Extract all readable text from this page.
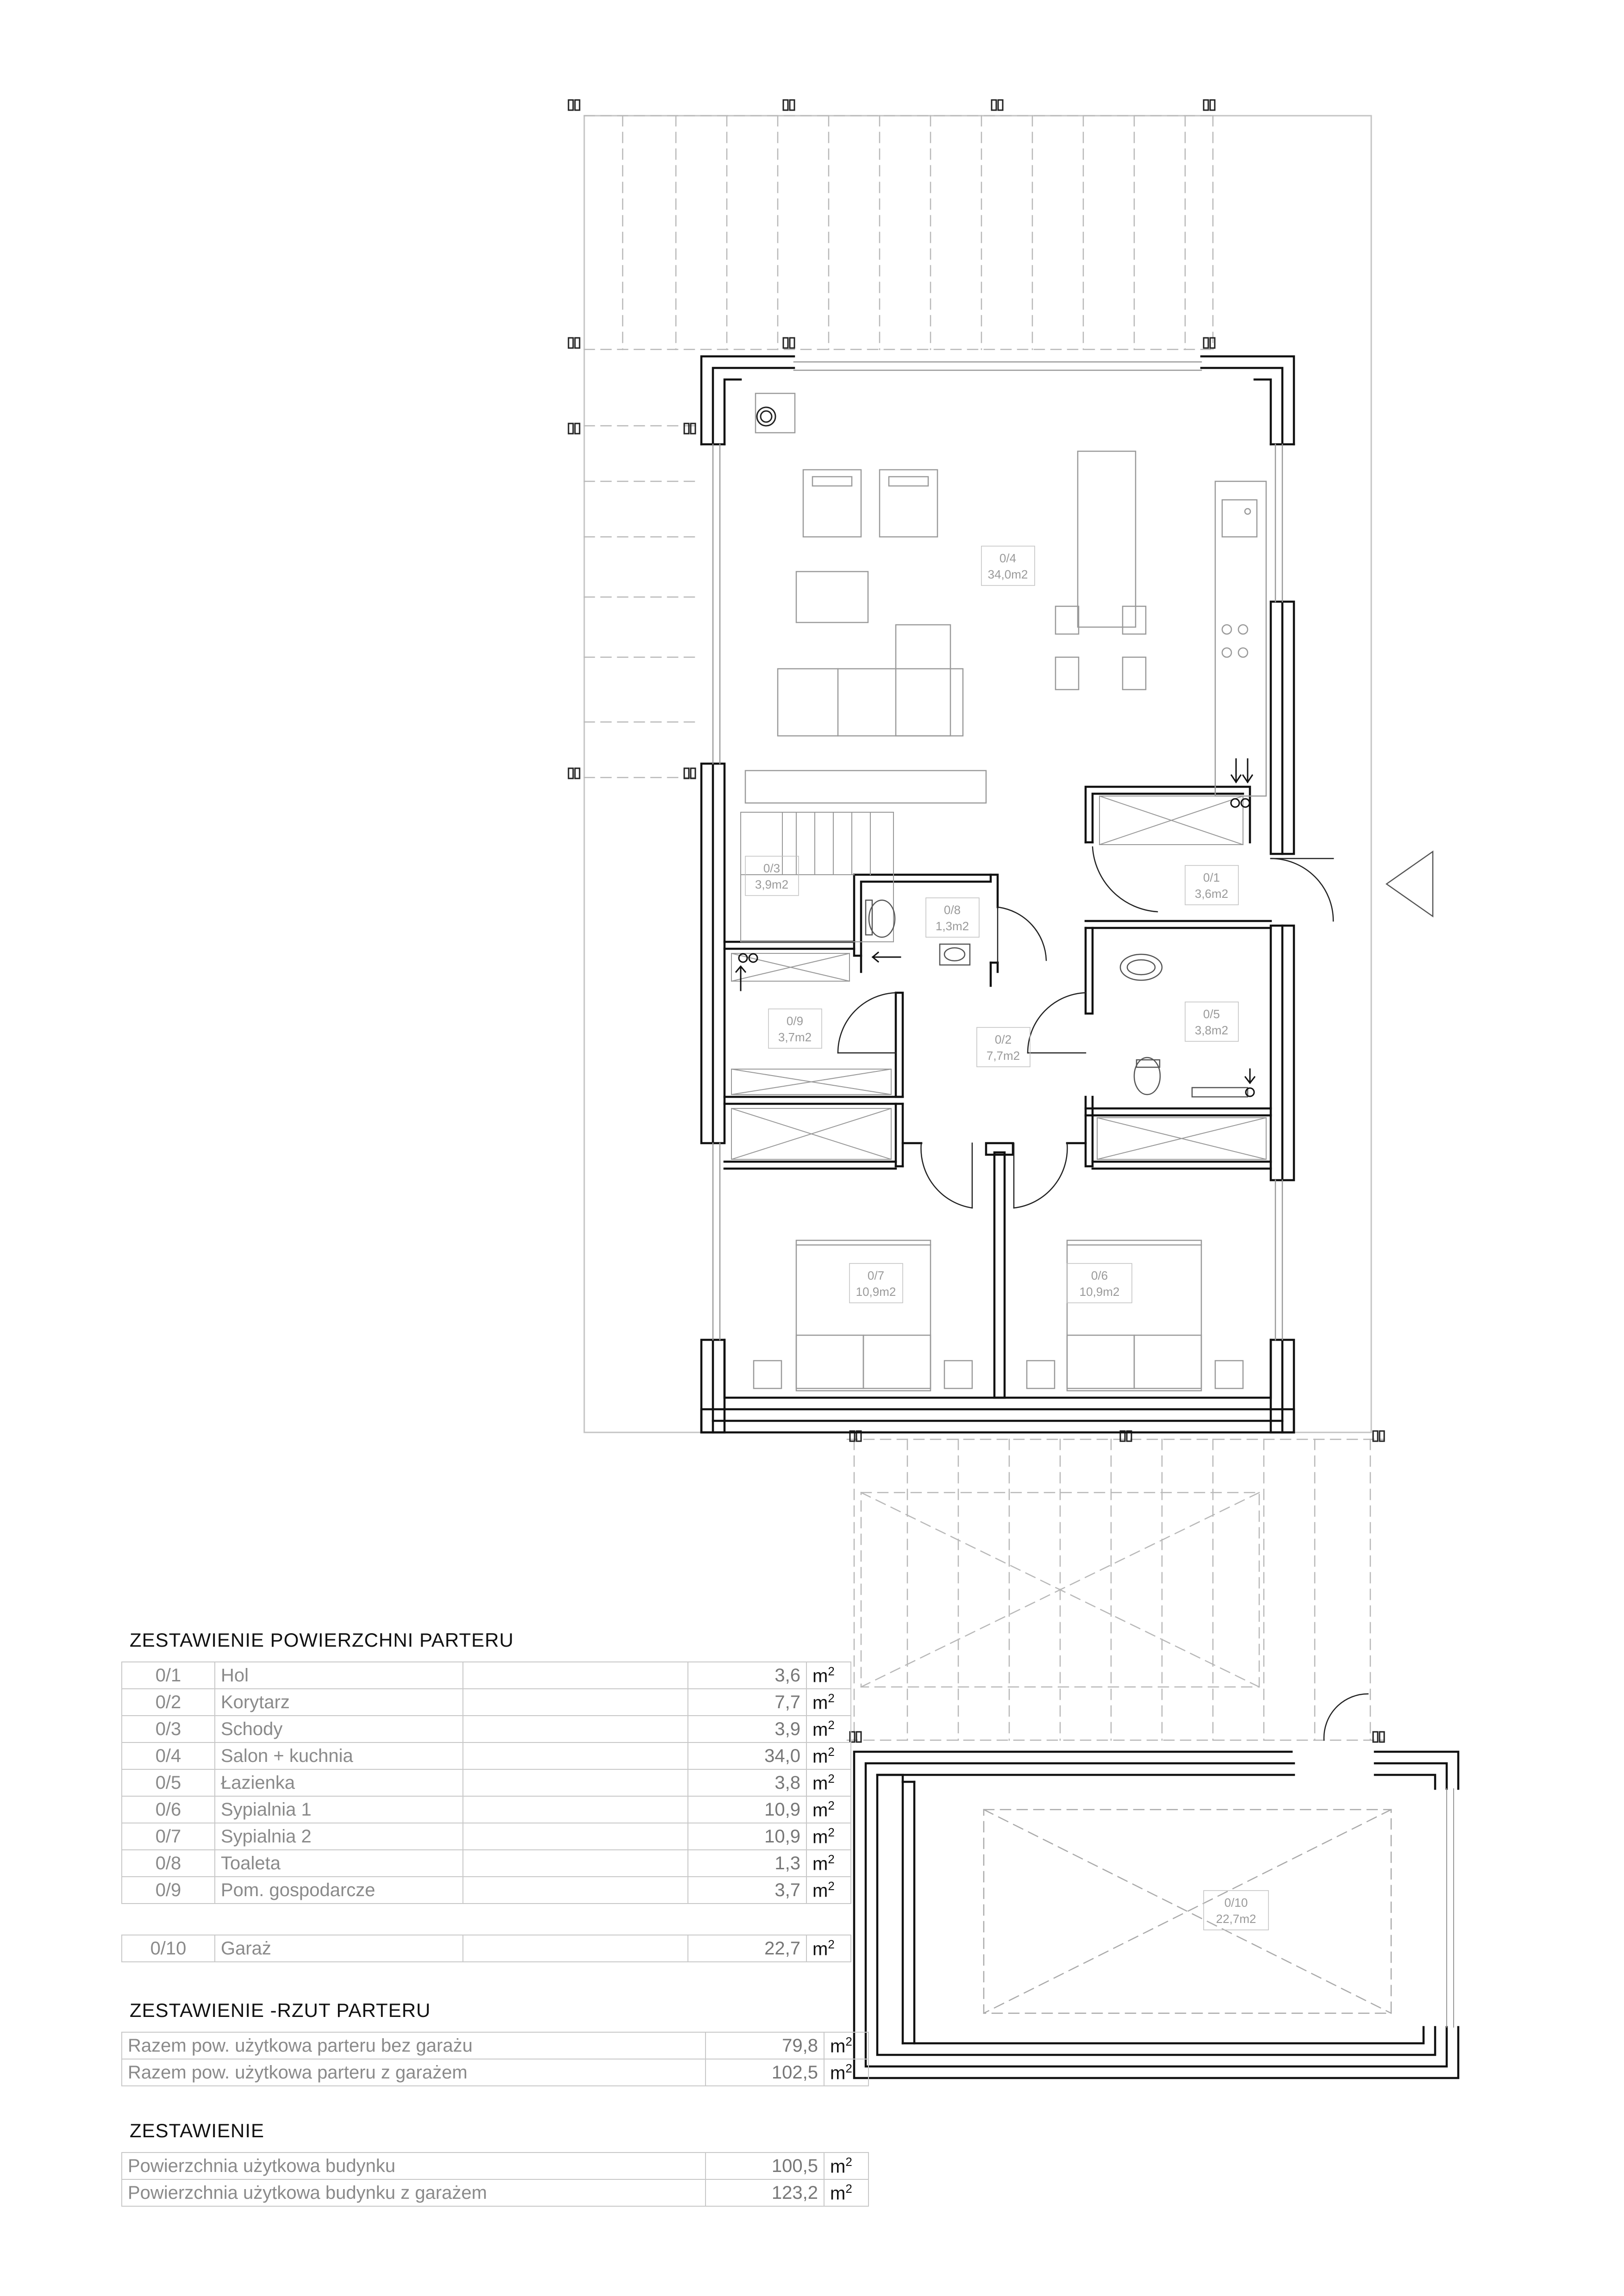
0/4
34,0m2
0/1
3,6m2
0/2
7,7m2
0/3
3,9m2
0/8
1,3m2
0/5
3,8m2
0/9
3,7m2
0/7
10,9m2
0/6
10,9m2
0/10
22,7m2
ZESTAWIENIE POWIERZCHNI PARTERU
0/1	Hol		3,6	$m^2$
0/2	Korytarz		7,7	$m^2$
0/3	Schody		3,9	$m^2$
0/4	Salon + kuchnia		34,0	$m^2$
0/5	Łazienka		3,8	$m^2$
0/6	Sypialnia 1		10,9	$m^2$
0/7	Sypialnia 2		10,9	$m^2$
0/8	Toaleta		1,3	$m^2$
0/9	Pom. gospodarcze		3,7	$m^2$
0/10	Garaż		22,7	$m^2$
ZESTAWIENIE -RZUT PARTERU
Razem pow. użytkowa parteru bez garażu	79,8	$m^2$
Razem pow. użytkowa parteru z garażem	102,5	$m^2$
ZESTAWIENIE
Powierzchnia użytkowa budynku	100,5	$m^2$
Powierzchnia użytkowa budynku z garażem	123,2	$m^2$
